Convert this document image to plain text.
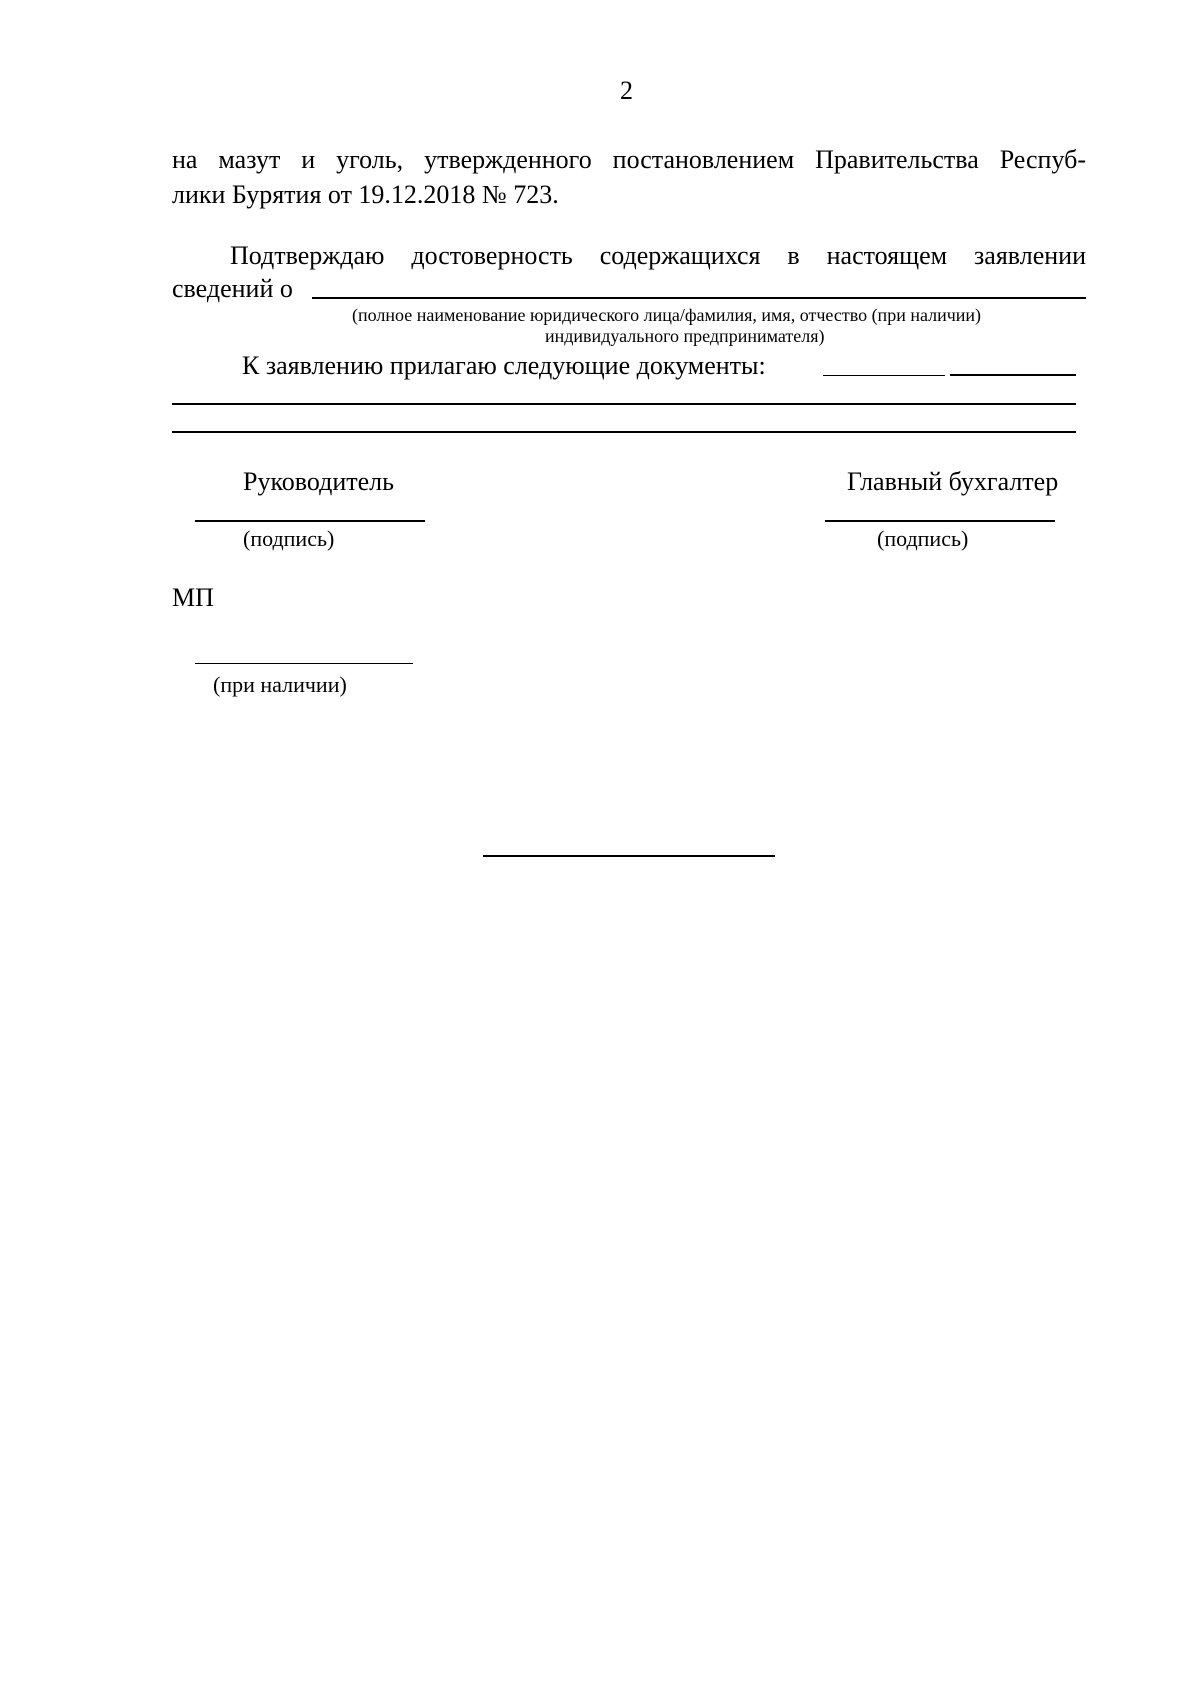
2
на мазут и уголь, утвержденного постановлением Правительства Респуб-
лики Бурятия от 19.12.2018 № 723.
Подтверждаю достоверность содержащихся в настоящем заявлении
сведений о
(полное наименование юридического лица/фамилия, имя, отчество (при наличии)
индивидуального предпринимателя)
К заявлению прилагаю следующие документы:
Руководитель
(подпись)
Главный бухгалтер
(подпись)
МП
(при наличии)
